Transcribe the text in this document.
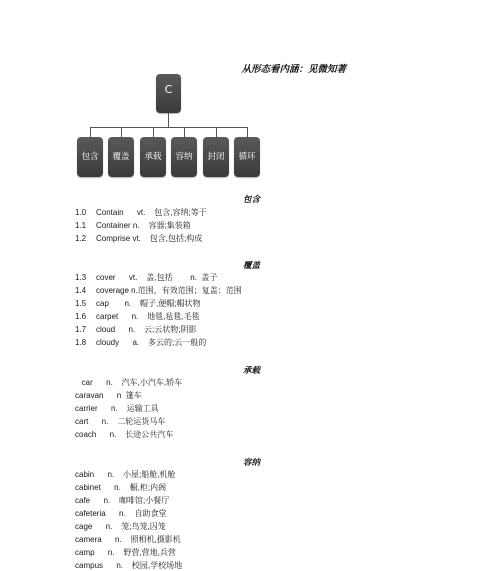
从形态看内涵：见微知著
C
包含	覆盖	承载	容纳	封闭	循环
包含
1.0 Contain      vt.    包含,容纳;等于
1.1 Container n.    容器;集装箱
1.2 Comprise vt.    包含,包括;构成
覆盖
1.3 cover      vt.    盖,包括        n.  盖子
1.4 coverage n.范围，有效范围；复盖：范围
1.5 cap       n.    帽子,便帽;帽状物
1.6 carpet      n.    地毯,毡毯,毛毯
1.7 cloud      n.    云;云状物;阴影
1.8 cloudy      a.    多云的;云一般的
承载
car      n.    汽车,小汽车,轿车
caravan      n  篷车
carrier      n.    运输工具
cart      n.    二轮运货马车
coach      n.    长途公共汽车
容纳
cabin      n.    小屋;船舱,机舱
cabinet      n.    橱,柜;内阁
cafe      n.    咖啡馆;小餐厅
cafeteria      n.    自助食堂
cage      n.    笼;鸟笼,囚笼
camera      n.    照相机,摄影机
camp      n.    野营,营地,兵营
campus      n.    校园,学校场地
